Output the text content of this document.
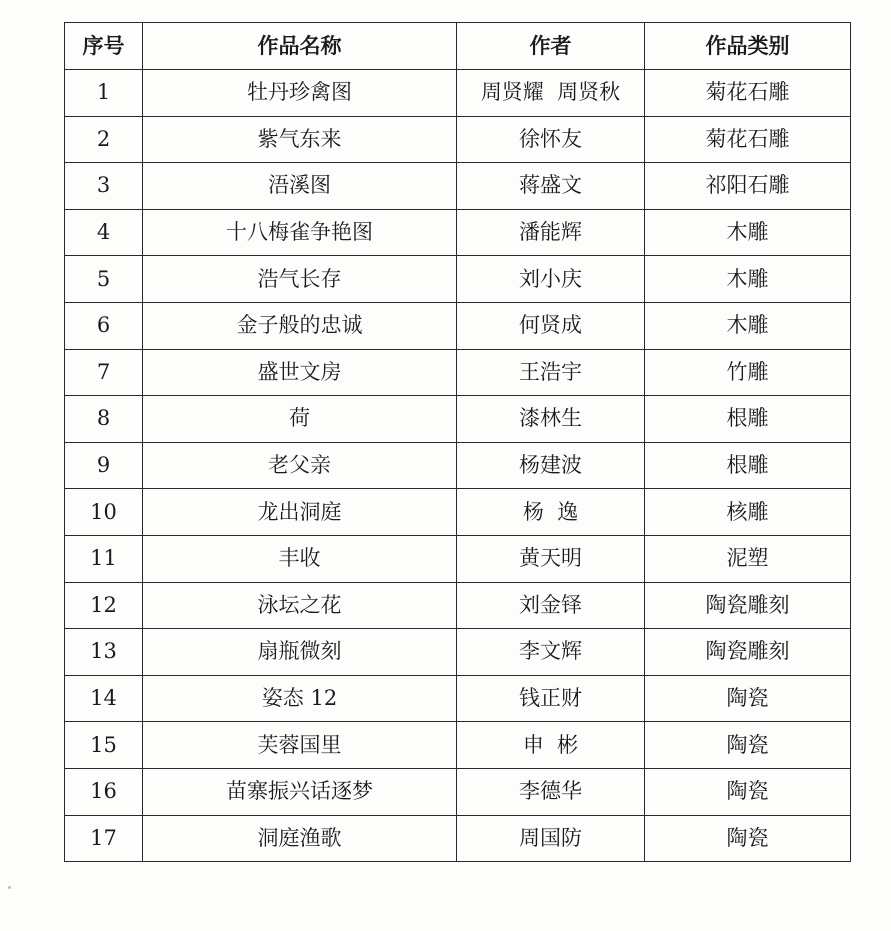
序号	作品名称	作者	作品类别
1	牡丹珍禽图	周贤耀  周贤秋	菊花石雕
2	紫气东来	徐怀友	菊花石雕
3	浯溪图	蒋盛文	祁阳石雕
4	十八梅雀争艳图	潘能辉	木雕
5	浩气长存	刘小庆	木雕
6	金子般的忠诚	何贤成	木雕
7	盛世文房	王浩宇	竹雕
8	荷	漆林生	根雕
9	老父亲	杨建波	根雕
10	龙出洞庭	杨  逸	核雕
11	丰收	黄天明	泥塑
12	泳坛之花	刘金铎	陶瓷雕刻
13	扇瓶微刻	李文辉	陶瓷雕刻
14	姿态 12	钱正财	陶瓷
15	芙蓉国里	申  彬	陶瓷
16	苗寨振兴话逐梦	李德华	陶瓷
17	洞庭渔歌	周国防	陶瓷
